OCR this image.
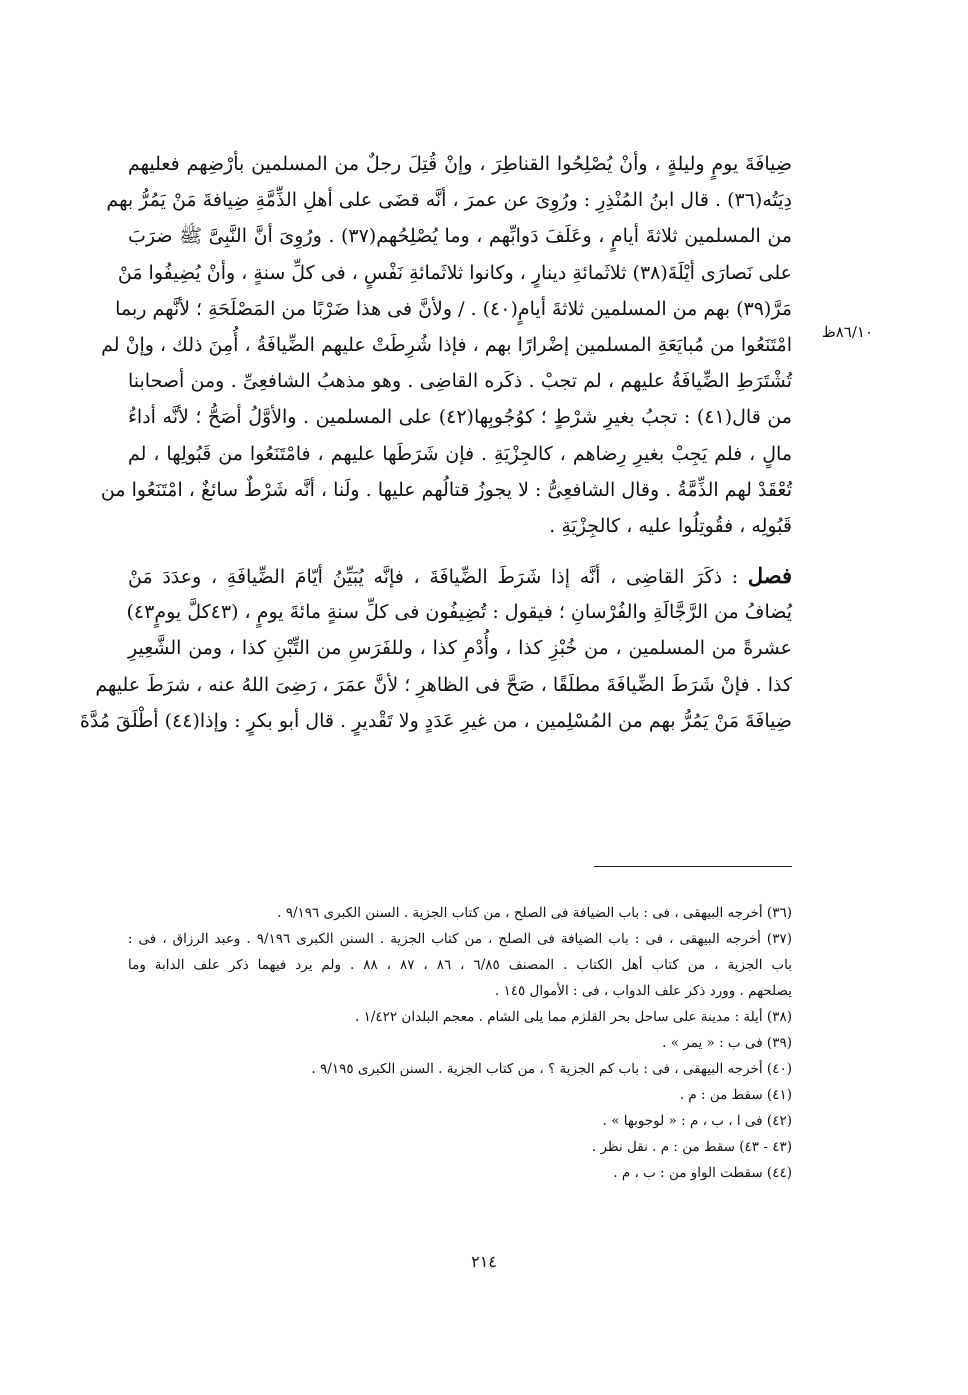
٨٦/١٠ظ
ضِيافَةَ يومٍ وليلةٍ ، وأنْ يُصْلِحُوا القناطِرَ ، وإنْ قُتِلَ رجلٌ من المسلمين بأرْضِهم فعليهم
دِيَتُه(٣٦) . قال ابنُ المُنْذِرِ : ورُوِىَ عن عمرَ ، أنَّه قضَى على أهلِ الذِّمَّةِ ضِيافةَ مَنْ يَمُرُّ بهم
من المسلمين ثلاثةَ أيامٍ ، وعَلَفَ دَوابِّهم ، وما يُصْلِحُهم(٣٧) . ورُوِىَ أنَّ النَّبِىَّ ﷺ ضرَبَ
على نَصارَى أيْلَةَ(٣٨) ثلاثَمائةِ دينارٍ ، وكانوا ثلاثَمائةِ نَفْسٍ ، فى كلِّ سنةٍ ، وأنْ يُضِيفُوا مَنْ
مَرَّ(٣٩) بهم من المسلمين ثلاثةَ أيامٍ(٤٠) . / ولأنَّ فى هذا ضَرْبًا من المَصْلَحَةِ ؛ لأنَّهم ربما
امْتَنَعُوا من مُبايَعَةِ المسلمين إضْرارًا بهم ، فإذا شُرِطَتْ عليهم الضِّيافَةُ ، أُمِنَ ذلك ، وإنْ لم
تُشْتَرَطِ الضِّيافَةُ عليهم ، لم تجبْ . ذكَره القاضِى . وهو مذهبُ الشافعِىِّ . ومن أصحابنا
من قال(٤١) : تجبُ بغيرِ شرْطٍ ؛ كوُجُوبِها(٤٢) على المسلمين . والأوَّلُ أصَحُّ ؛ لأنَّه أداءُ
مالٍ ، فلم يَجِبْ بغيرِ رِضاهم ، كالجِزْيَةِ . فإن شَرَطَها عليهم ، فامْتَنَعُوا من قَبُولِها ، لم
تُعْقَدْ لهم الذِّمَّةُ . وقال الشافعِىُّ : لا يجوزُ قتالُهم عليها . ولَنا ، أنَّه شَرْطٌ سائغٌ ، امْتَنَعُوا من
قَبُولِه ، فقُوتِلُوا عليه ، كالجِزْيَةِ .
فصل : ذكَرَ القاضِى ، أنَّه إذا شَرَطَ الضِّيافَةَ ، فإنَّه يُبَيِّنُ أيّامَ الضِّيافَةِ ، وعدَدَ مَنْ
يُضافُ من الرَّجَّالَةِ والفُرْسانِ ؛ فيقول : تُضِيفُون فى كلِّ سنةٍ مائةَ يومٍ ، (٤٣كلَّ يومٍ٤٣)
عشرةً من المسلمين ، من خُبْزِ كذا ، وأُدْمِ كذا ، وللفَرَسِ من التِّبْنِ كذا ، ومن الشَّعِيرِ
كذا . فإنْ شَرَطَ الضِّيافَةَ مطلَقًا ، صَحَّ فى الظاهرِ ؛ لأنَّ عمَرَ ، رَضِىَ اللهُ عنه ، شرَطَ عليهم
ضِيافَةَ مَنْ يَمُرُّ بهم من المُسْلِمين ، من غيرِ عَدَدٍ ولا تَقْديرٍ . قال أبو بكرٍ : وإذا(٤٤) أطْلَقَ مُدَّةَ
(٣٦) أخرجه البيهقى ، فى : باب الضيافة فى الصلح ، من كتاب الجزية . السنن الكبرى ٩/١٩٦ .
(٣٧) أخرجه البيهقى ، فى : باب الضيافة فى الصلح ، من كتاب الجزية . السنن الكبرى ٩/١٩٦ . وعبد الرزاق ، فى :
باب الجزية ، من كتاب أهل الكتاب . المصنف ٦/٨٥ ، ٨٦ ، ٨٧ ، ٨٨ . ولم يرد فيهما ذكر علف الدابة وما
يصلحهم . وورد ذكر علف الدواب ، فى : الأموال ١٤٥ .
(٣٨) أيلة : مدينة على ساحل بحر القلزم مما يلى الشام . معجم البلدان ١/٤٢٢ .
(٣٩) فى ب : « يمر » .
(٤٠) أخرجه البيهقى ، فى : باب كم الجزية ؟ ، من كتاب الجزية . السنن الكبرى ٩/١٩٥ .
(٤١) سقط من : م .
(٤٢) فى ا ، ب ، م : « لوجوبها » .
(٤٣ - ٤٣) سقط من : م . نقل نظر .
(٤٤) سقطت الواو من : ب ، م .
٢١٤
